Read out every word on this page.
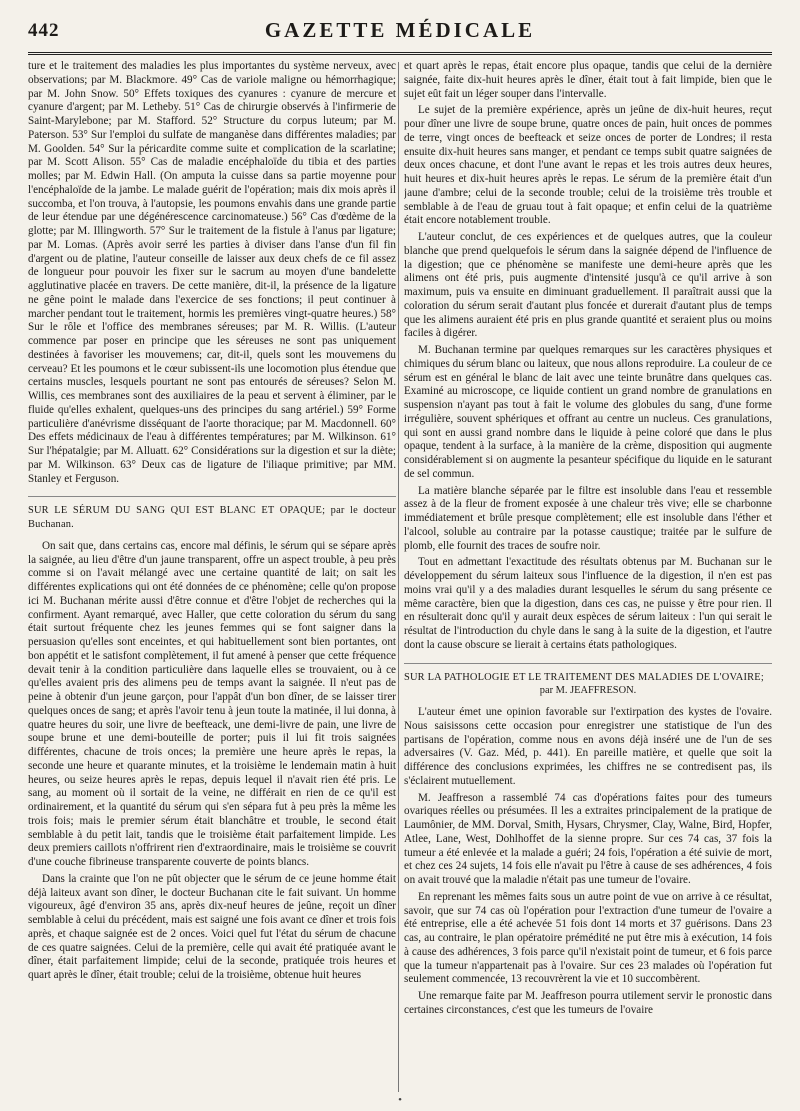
442	GAZETTE MÉDICALE

ture et le traitement des maladies les plus importantes du système nerveux, avec observations; par M. Blackmore. 49° Cas de variole maligne ou hémorrhagique; par M. John Snow. 50° Effets toxiques des cyanures : cyanure de mercure et cyanure d'argent; par M. Letheby. 51° Cas de chirurgie observés à l'infirmerie de Saint-Marylebone; par M. Stafford. 52° Structure du corpus luteum; par M. Paterson. 53° Sur l'emploi du sulfate de manganèse dans différentes maladies; par M. Goolden. 54° Sur la péricardite comme suite et complication de la scarlatine; par M. Scott Alison. 55° Cas de maladie encéphaloïde du tibia et des parties molles; par M. Edwin Hall. (On amputa la cuisse dans sa partie moyenne pour l'encéphaloïde de la jambe. Le malade guérit de l'opération; mais dix mois après il succomba, et l'on trouva, à l'autopsie, les poumons envahis dans une grande partie de leur étendue par une dégénérescence carcinomateuse.) 56° Cas d'œdème de la glotte; par M. Illingworth. 57° Sur le traitement de la fistule à l'anus par ligature; par M. Lomas. (Après avoir serré les parties à diviser dans l'anse d'un fil fin d'argent ou de platine, l'auteur conseille de laisser aux deux chefs de ce fil assez de longueur pour pouvoir les fixer sur le sacrum au moyen d'une bandelette agglutinative placée en travers. De cette manière, dit-il, la présence de la ligature ne gêne point le malade dans l'exercice de ses fonctions; il peut continuer à marcher pendant tout le traitement, hormis les premières vingt-quatre heures.) 58° Sur le rôle et l'office des membranes séreuses; par M. R. Willis. (L'auteur commence par poser en principe que les séreuses ne sont pas uniquement destinées à favoriser les mouvemens; car, dit-il, quels sont les mouvemens du cerveau? Et les poumons et le cœur subissent-ils une locomotion plus étendue que certains muscles, lesquels pourtant ne sont pas entourés de séreuses? Selon M. Willis, ces membranes sont des auxiliaires de la peau et servent à éliminer, par le fluide qu'elles exhalent, quelques-uns des principes du sang artériel.) 59° Forme particulière d'anévrisme disséquant de l'aorte thoracique; par M. Macdonnell. 60° Des effets médicinaux de l'eau à différentes températures; par M. Wilkinson. 61° Sur l'hépatalgie; par M. Alluatt. 62° Considérations sur la digestion et sur la diète; par M. Wilkinson. 63° Deux cas de ligature de l'iliaque primitive; par MM. Stanley et Ferguson.

SUR LE SÉRUM DU SANG QUI EST BLANC ET OPAQUE; par le docteur Buchanan.

On sait que, dans certains cas, encore mal définis, le sérum qui se sépare après la saignée, au lieu d'être d'un jaune transparent, offre un aspect trouble, à peu près comme si on l'avait mélangé avec une certaine quantité de lait; on sait les différentes explications qui ont été données de ce phénomène; celle qu'on propose ici M. Buchanan mérite aussi d'être connue et d'être l'objet de recherches qui la confirment. Ayant remarqué, avec Haller, que cette coloration du sérum du sang était surtout fréquente chez les jeunes femmes qui se font saigner dans la persuasion qu'elles sont enceintes, et qui habituellement sont bien portantes, ont bon appétit et le satisfont complètement, il fut amené à penser que cette fréquence devait tenir à la condition particulière dans laquelle elles se trouvaient, ou à ce qu'elles avaient pris des alimens peu de temps avant la saignée. Il n'eut pas de peine à obtenir d'un jeune garçon, pour l'appât d'un bon dîner, de se laisser tirer quelques onces de sang; et après l'avoir tenu à jeun toute la matinée, il lui donna, à quatre heures du soir, une livre de beefteack, une demi-livre de pain, une livre de soupe brune et une demi-bouteille de porter; puis il lui fit trois saignées différentes, chacune de trois onces; la première une heure après le repas, la seconde une heure et quarante minutes, et la troisième le lendemain matin à huit heures, ou seize heures après le repas, depuis lequel il n'avait rien été pris. Le sang, au moment où il sortait de la veine, ne différait en rien de ce qu'il est ordinairement, et la quantité du sérum qui s'en sépara fut à peu près la même les trois fois; mais le premier sérum était blanchâtre et trouble, le second était semblable à du petit lait, tandis que le troisième était parfaitement limpide. Les deux premiers caillots n'offrirent rien d'extraordinaire, mais le troisième se couvrit d'une couche fibrineuse transparente couverte de points blancs.

Dans la crainte que l'on ne pût objecter que le sérum de ce jeune homme était déjà laiteux avant son dîner, le docteur Buchanan cite le fait suivant. Un homme vigoureux, âgé d'environ 35 ans, après dix-neuf heures de jeûne, reçoit un dîner semblable à celui du précédent, mais est saigné une fois avant ce dîner et trois fois après, et chaque saignée est de 2 onces. Voici quel fut l'état du sérum de chacune de ces quatre saignées. Celui de la première, celle qui avait été pratiquée avant le dîner, était parfaitement limpide; celui de la seconde, pratiquée trois heures et quart après le dîner, était trouble; celui de la troisième, obtenue huit heures

et quart après le repas, était encore plus opaque, tandis que celui de la dernière saignée, faite dix-huit heures après le dîner, était tout à fait limpide, bien que le sujet eût fait un léger souper dans l'intervalle.

Le sujet de la première expérience, après un jeûne de dix-huit heures, reçut pour dîner une livre de soupe brune, quatre onces de pain, huit onces de pommes de terre, vingt onces de beefteack et seize onces de porter de Londres; il resta ensuite dix-huit heures sans manger, et pendant ce temps subit quatre saignées de deux onces chacune, et dont l'une avant le repas et les trois autres deux heures, huit heures et dix-huit heures après le repas. Le sérum de la première était d'un jaune d'ambre; celui de la seconde trouble; celui de la troisième très trouble et semblable à de l'eau de gruau tout à fait opaque; et enfin celui de la quatrième était encore notablement trouble.

L'auteur conclut, de ces expériences et de quelques autres, que la couleur blanche que prend quelquefois le sérum dans la saignée dépend de l'influence de la digestion; que ce phénomène se manifeste une demi-heure après que les alimens ont été pris, puis augmente d'intensité jusqu'à ce qu'il arrive à son maximum, puis va ensuite en diminuant graduellement. Il paraîtrait aussi que la coloration du sérum serait d'autant plus foncée et durerait d'autant plus de temps que les alimens auraient été pris en plus grande quantité et seraient plus ou moins faciles à digérer.

M. Buchanan termine par quelques remarques sur les caractères physiques et chimiques du sérum blanc ou laiteux, que nous allons reproduire. La couleur de ce sérum est en général le blanc de lait avec une teinte brunâtre dans quelques cas. Examiné au microscope, ce liquide contient un grand nombre de granulations en suspension n'ayant pas tout à fait le volume des globules du sang, d'une forme irrégulière, souvent sphériques et offrant au centre un nucleus. Ces granulations, qui sont en aussi grand nombre dans le liquide à peine coloré que dans le plus opaque, tendent à la surface, à la manière de la crème, disposition qui augmente considérablement si on augmente la pesanteur spécifique du liquide en le saturant de sel commun.

La matière blanche séparée par le filtre est insoluble dans l'eau et ressemble assez à de la fleur de froment exposée à une chaleur très vive; elle se charbonne immédiatement et brûle presque complètement; elle est insoluble dans l'éther et l'alcool, soluble au contraire par la potasse caustique; traitée par le sulfure de plomb, elle fournit des traces de soufre noir.

Tout en admettant l'exactitude des résultats obtenus par M. Buchanan sur le développement du sérum laiteux sous l'influence de la digestion, il n'en est pas moins vrai qu'il y a des maladies durant lesquelles le sérum du sang présente ce même caractère, bien que la digestion, dans ces cas, ne puisse y être pour rien. Il en résulterait donc qu'il y aurait deux espèces de sérum laiteux : l'un qui serait le résultat de l'introduction du chyle dans le sang à la suite de la digestion, et l'autre dont la cause obscure se lierait à certains états pathologiques.

SUR LA PATHOLOGIE ET LE TRAITEMENT DES MALADIES DE L'OVAIRE;
par M. JEAFFRESON.

L'auteur émet une opinion favorable sur l'extirpation des kystes de l'ovaire. Nous saisissons cette occasion pour enregistrer une statistique de l'un des partisans de l'opération, comme nous en avons déjà inséré une de l'un de ses adversaires (V. Gaz. Méd, p. 441). En pareille matière, et quelle que soit la différence des conclusions exprimées, les chiffres ne se contredisent pas, ils s'éclairent mutuellement.

M. Jeaffreson a rassemblé 74 cas d'opérations faites pour des tumeurs ovariques réelles ou présumées. Il les a extraites principalement de la pratique de Laumônier, de MM. Dorval, Smith, Hysars, Chrysmer, Clay, Walne, Bird, Hopfer, Atlee, Lane, West, Dohlhoffet de la sienne propre. Sur ces 74 cas, 37 fois la tumeur a été enlevée et la malade a guéri; 24 fois, l'opération a été suivie de mort, et chez ces 24 sujets, 14 fois elle n'avait pu l'être à cause de ses adhérences, 4 fois on avait trouvé que la maladie n'était pas une tumeur de l'ovaire.

En reprenant les mêmes faits sous un autre point de vue on arrive à ce résultat, savoir, que sur 74 cas où l'opération pour l'extraction d'une tumeur de l'ovaire a été entreprise, elle a été achevée 51 fois dont 14 morts et 37 guérisons. Dans 23 cas, au contraire, le plan opératoire prémédité ne put être mis à exécution, 14 fois à cause des adhérences, 3 fois parce qu'il n'existait point de tumeur, et 6 fois parce que la tumeur n'appartenait pas à l'ovaire. Sur ces 23 malades où l'opération fut seulement commencée, 13 recouvrèrent la vie et 10 succombèrent.

Une remarque faite par M. Jeaffreson pourra utilement servir le pronostic dans certaines circonstances, c'est que les tumeurs de l'ovaire

•
